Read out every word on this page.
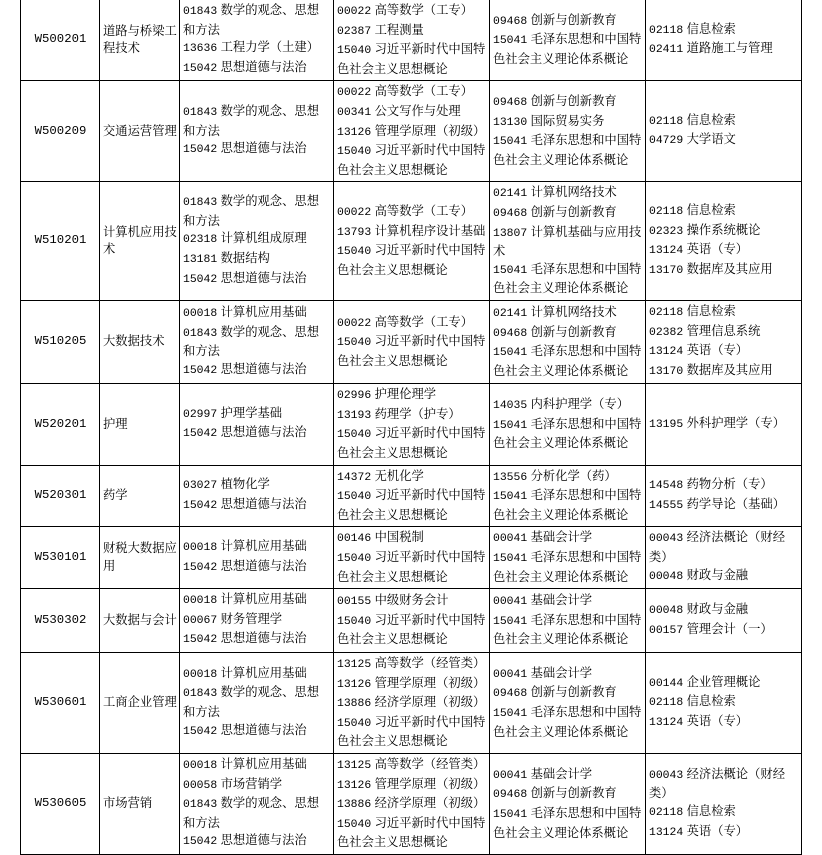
W500201	道路与桥梁工程技术	01843 数学的观念、思想和方法
13636 工程力学（土建）
15042 思想道德与法治	00022 高等数学（工专）
02387 工程测量
15040 习近平新时代中国特色社会主义思想概论	09468 创新与创新教育
15041 毛泽东思想和中国特色社会主义理论体系概论	02118 信息检索
02411 道路施工与管理

W500209	交通运营管理	01843 数学的观念、思想和方法
15042 思想道德与法治	00022 高等数学（工专）
00341 公文写作与处理
13126 管理学原理（初级）
15040 习近平新时代中国特色社会主义思想概论	09468 创新与创新教育
13130 国际贸易实务
15041 毛泽东思想和中国特色社会主义理论体系概论	02118 信息检索
04729 大学语文

W510201	计算机应用技术	01843 数学的观念、思想和方法
02318 计算机组成原理
13181 数据结构
15042 思想道德与法治	00022 高等数学（工专）
13793 计算机程序设计基础
15040 习近平新时代中国特色社会主义思想概论	02141 计算机网络技术
09468 创新与创新教育
13807 计算机基础与应用技术
15041 毛泽东思想和中国特色社会主义理论体系概论	02118 信息检索
02323 操作系统概论
13124 英语（专）
13170 数据库及其应用

W510205	大数据技术	00018 计算机应用基础
01843 数学的观念、思想和方法
15042 思想道德与法治	00022 高等数学（工专）
15040 习近平新时代中国特色社会主义思想概论	02141 计算机网络技术
09468 创新与创新教育
15041 毛泽东思想和中国特色社会主义理论体系概论	02118 信息检索
02382 管理信息系统
13124 英语（专）
13170 数据库及其应用

W520201	护理	02997 护理学基础
15042 思想道德与法治	02996 护理伦理学
13193 药理学（护专）
15040 习近平新时代中国特色社会主义思想概论	14035 内科护理学（专）
15041 毛泽东思想和中国特色社会主义理论体系概论	13195 外科护理学（专）

W520301	药学	03027 植物化学
15042 思想道德与法治	14372 无机化学
15040 习近平新时代中国特色社会主义思想概论	13556 分析化学（药）
15041 毛泽东思想和中国特色社会主义理论体系概论	14548 药物分析（专）
14555 药学导论（基础）

W530101	财税大数据应用	00018 计算机应用基础
15042 思想道德与法治	00146 中国税制
15040 习近平新时代中国特色社会主义思想概论	00041 基础会计学
15041 毛泽东思想和中国特色社会主义理论体系概论	00043 经济法概论（财经类）
00048 财政与金融

W530302	大数据与会计	00018 计算机应用基础
00067 财务管理学
15042 思想道德与法治	00155 中级财务会计
15040 习近平新时代中国特色社会主义思想概论	00041 基础会计学
15041 毛泽东思想和中国特色社会主义理论体系概论	00048 财政与金融
00157 管理会计（一）

W530601	工商企业管理	00018 计算机应用基础
01843 数学的观念、思想和方法
15042 思想道德与法治	13125 高等数学（经管类）
13126 管理学原理（初级）
13886 经济学原理（初级）
15040 习近平新时代中国特色社会主义思想概论	00041 基础会计学
09468 创新与创新教育
15041 毛泽东思想和中国特色社会主义理论体系概论	00144 企业管理概论
02118 信息检索
13124 英语（专）

W530605	市场营销	00018 计算机应用基础
00058 市场营销学
01843 数学的观念、思想和方法
15042 思想道德与法治	13125 高等数学（经管类）
13126 管理学原理（初级）
13886 经济学原理（初级）
15040 习近平新时代中国特色社会主义思想概论	00041 基础会计学
09468 创新与创新教育
15041 毛泽东思想和中国特色社会主义理论体系概论	00043 经济法概论（财经类）
02118 信息检索
13124 英语（专）
